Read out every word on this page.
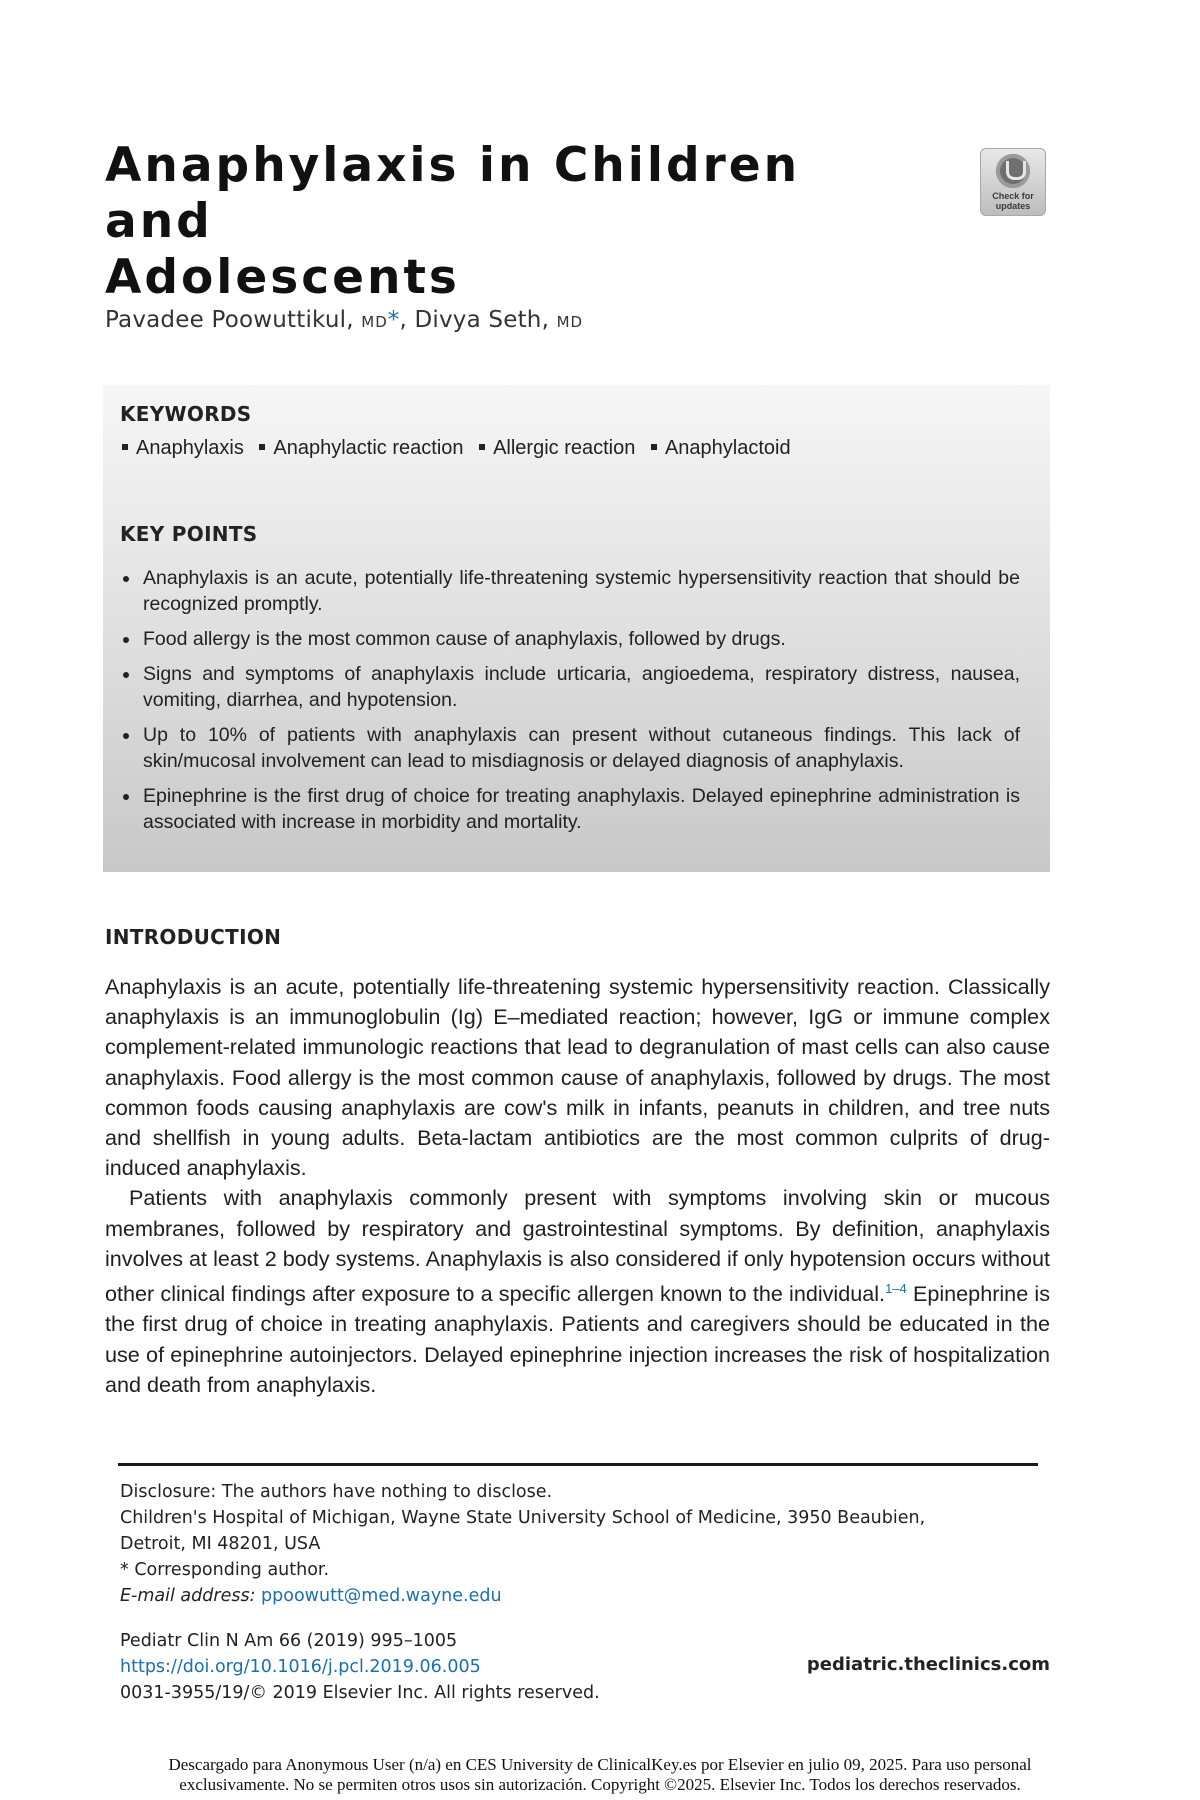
Anaphylaxis in Children and
Adolescents
Check for updates
Pavadee Poowuttikul, MD*, Divya Seth, MD
KEYWORDS
Anaphylaxis Anaphylactic reaction Allergic reaction Anaphylactoid
KEY POINTS
Anaphylaxis is an acute, potentially life-threatening systemic hypersensitivity reaction that should be recognized promptly.
Food allergy is the most common cause of anaphylaxis, followed by drugs.
Signs and symptoms of anaphylaxis include urticaria, angioedema, respiratory distress, nausea, vomiting, diarrhea, and hypotension.
Up to 10% of patients with anaphylaxis can present without cutaneous findings. This lack of skin/mucosal involvement can lead to misdiagnosis or delayed diagnosis of anaphylaxis.
Epinephrine is the first drug of choice for treating anaphylaxis. Delayed epinephrine administration is associated with increase in morbidity and mortality.
INTRODUCTION

Anaphylaxis is an acute, potentially life-threatening systemic hypersensitivity reaction. Classically anaphylaxis is an immunoglobulin (Ig) E–mediated reaction; however, IgG or immune complex complement-related immunologic reactions that lead to degranulation of mast cells can also cause anaphylaxis. Food allergy is the most common cause of anaphylaxis, followed by drugs. The most common foods causing anaphylaxis are cow's milk in infants, peanuts in children, and tree nuts and shellfish in young adults. Beta-lactam antibiotics are the most common culprits of drug-induced anaphylaxis.

Patients with anaphylaxis commonly present with symptoms involving skin or mucous membranes, followed by respiratory and gastrointestinal symptoms. By definition, anaphylaxis involves at least 2 body systems. Anaphylaxis is also considered if only hypotension occurs without other clinical findings after exposure to a specific allergen known to the individual.$^{1-4}$ Epinephrine is the first drug of choice in treating anaphylaxis. Patients and caregivers should be educated in the use of epinephrine autoinjectors. Delayed epinephrine injection increases the risk of hospitalization and death from anaphylaxis.

Disclosure: The authors have nothing to disclose.
Children's Hospital of Michigan, Wayne State University School of Medicine, 3950 Beaubien,
Detroit, MI 48201, USA
* Corresponding author.
E-mail address: ppoowutt@med.wayne.edu
Pediatr Clin N Am 66 (2019) 995–1005
https://doi.org/10.1016/j.pcl.2019.06.005
0031-3955/19/© 2019 Elsevier Inc. All rights reserved.
pediatric.theclinics.com
Descargado para Anonymous User (n/a) en CES University de ClinicalKey.es por Elsevier en julio 09, 2025. Para uso personal
exclusivamente. No se permiten otros usos sin autorización. Copyright ©2025. Elsevier Inc. Todos los derechos reservados.
